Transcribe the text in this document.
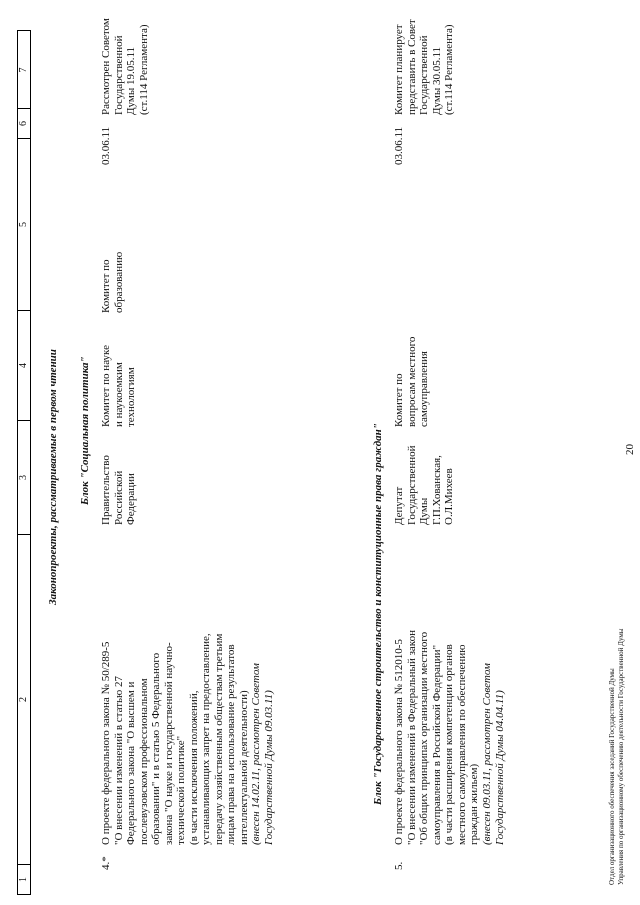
20
1
2
3
4
5
6
7
Законопроекты, рассматриваемые в первом чтении Блок "Социальная политика"
4.*
О проекте федерального закона № 50/289-5
"О внесении изменений в статью 27
Федерального закона "О высшем и
послевузовском профессиональном
образовании" и в статью 5 Федерального
закона "О науке и государственной научно-
технической политике"
(в части исключения положений,
устанавливающих запрет на предоставление,
передачу хозяйственным обществам третьим
лицам права на использование результатов
интеллектуальной деятельности)
(внесен 14.02.11, рассмотрен Советом
Государственной Думы 09.03.11)
Правительство
Российской
Федерации
Комитет по науке
и наукоемким
технологиям
Комитет по
образованию
03.06.11
Рассмотрен Советом
Государственной
Думы 19.05.11
(ст.114 Регламента)
Блок "Государственное строительство и конституционные права граждан"
5.
О проекте федерального закона № 512010-5
"О внесении изменений в Федеральный закон
"Об общих принципах организации местного
самоуправления в Российской Федерации"
(в части расширения компетенции органов
местного самоуправления по обеспечению
граждан жильем)
(внесен 09.03.11, рассмотрен Советом
Государственной Думы 04.04.11)
Депутат
Государственной
Думы
Г.П.Хованская,
О.Л.Михеев
Комитет по
вопросам местного
самоуправления
03.06.11
Комитет планирует
представить в Совет
Государственной
Думы 30.05.11
(ст.114 Регламента)
Отдел организационного обеспечения заседаний Государственной Думы Управления по организационному обеспечению деятельности Государственной Думы
